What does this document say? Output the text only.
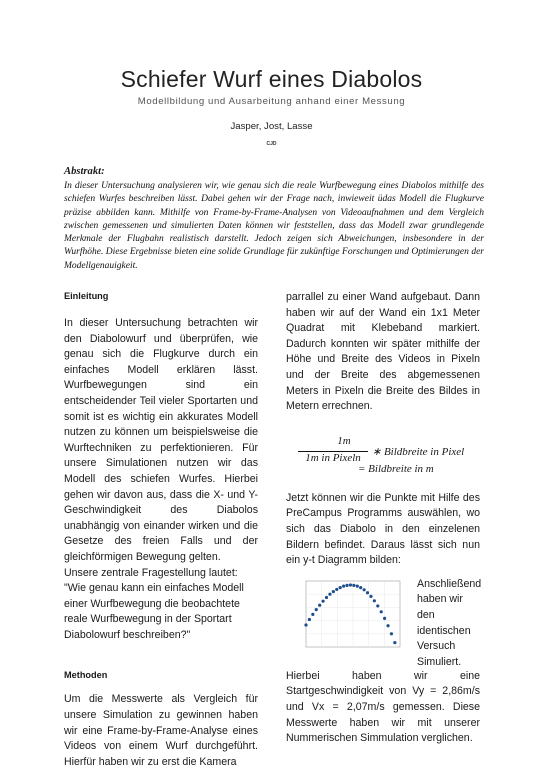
Schiefer Wurf eines Diabolos
Modellbildung und Ausarbeitung anhand einer Messung
Jasper, Jost, Lasse
CJD
Abstrakt:
In dieser Untersuchung analysieren wir, wie genau sich die reale Wurfbewegung eines Diabolos mithilfe des schiefen Wurfes beschreiben lässt. Dabei gehen wir der Frage nach, inwieweit üdas Modell die Flugkurve präzise abbilden kann. Mithilfe von Frame-by-Frame-Analysen von Videoaufnahmen und dem Vergleich zwischen gemessenen und simulierten Daten können wir feststellen, dass das Modell zwar grundlegende Merkmale der Flugbahn realistisch darstellt. Jedoch zeigen sich Abweichungen, insbesondere in der Wurfhöhe. Diese Ergebnisse bieten eine solide Grundlage für zukünftige Forschungen und Optimierungen der Modellgenauigkeit.

Einleitung

In dieser Untersuchung betrachten wir den Diabolowurf und überprüfen, wie genau sich die Flugkurve durch ein einfaches Modell erklären lässt. Wurfbewegungen sind ein entscheidender Teil vieler Sportarten und somit ist es wichtig ein akkurates Modell nutzen zu können um beispielsweise die Wurftechniken zu perfektionieren. Für unsere Simulationen nutzen wir das Modell des schiefen Wurfes. Hierbei gehen wir davon aus, dass die X- und Y-Geschwindigkeit des Diabolos unabhängig von einander wirken und die Gesetze des freien Falls und der gleichförmigen Bewegung gelten.

Unsere zentrale Fragestellung lautet: "Wie genau kann ein einfaches Modell einer Wurfbewegung die beobachtete reale Wurfbewegung in der Sportart Diabolowurf beschreiben?"

Methoden

Um die Messwerte als Vergleich für unsere Simulation zu gewinnen haben wir eine Frame-by-Frame-Analyse eines Videos von einem Wurf durchgeführt. Hierfür haben wir zu erst die Kamera

parrallel zu einer Wand aufgebaut. Dann haben wir auf der Wand ein 1x1 Meter Quadrat mit Klebeband markiert. Dadurch konnten wir später mithilfe der Höhe und Breite des Videos in Pixeln und der Breite des abgemessenen Meters in Pixeln die Breite des Bildes in Metern errechnen.

1m
1m in Pixeln	∗ Bildbreite in Pixel
= Bildbreite in m

Jetzt können wir die Punkte mit Hilfe des PreCampus Programms auswählen, wo sich das Diabolo in den einzelenen Bildern befindet. Daraus lässt sich nun ein y-t Diagramm bilden:

Anschließend haben wir den identischen Versuch Simuliert.

Hierbei haben wir eine Startgeschwindigkeit von Vy = 2,86m/s und Vx = 2,07m/s gemessen. Diese Messwerte haben wir mit unserer Nummerischen Simmulation verglichen.
